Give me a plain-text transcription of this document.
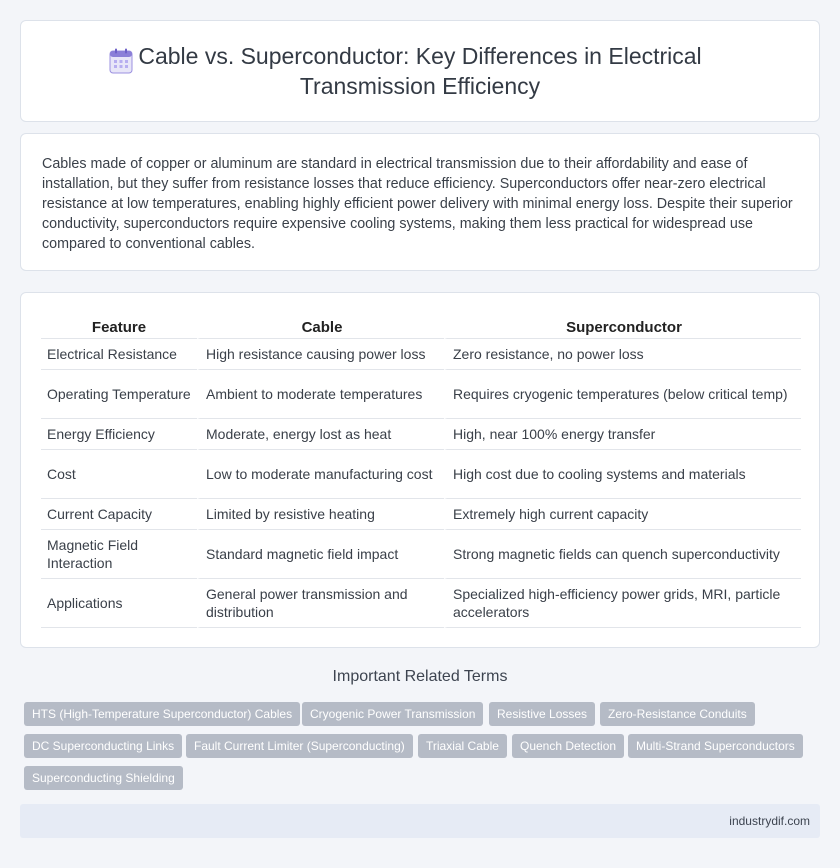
Cable vs. Superconductor: Key Differences in Electrical Transmission Efficiency

Cables made of copper or aluminum are standard in electrical transmission due to their affordability and ease of installation, but they suffer from resistance losses that reduce efficiency. Superconductors offer near-zero electrical resistance at low temperatures, enabling highly efficient power delivery with minimal energy loss. Despite their superior conductivity, superconductors require expensive cooling systems, making them less practical for widespread use compared to conventional cables.

Feature	Cable	Superconductor
Electrical Resistance	High resistance causing power loss	Zero resistance, no power loss
Operating Temperature	Ambient to moderate temperatures	Requires cryogenic temperatures (below critical temp)
Energy Efficiency	Moderate, energy lost as heat	High, near 100% energy transfer
Cost	Low to moderate manufacturing cost	High cost due to cooling systems and materials
Current Capacity	Limited by resistive heating	Extremely high current capacity
Magnetic Field Interaction	Standard magnetic field impact	Strong magnetic fields can quench superconductivity
Applications	General power transmission and distribution	Specialized high-efficiency power grids, MRI, particle accelerators
Important Related Terms
HTS (High-Temperature Superconductor) Cables	Cryogenic Power Transmission	Resistive Losses	Zero-Resistance Conduits
DC Superconducting Links	Fault Current Limiter (Superconducting)	Triaxial Cable	Quench Detection	Multi-Strand Superconductors
Superconducting Shielding
industrydif.com
